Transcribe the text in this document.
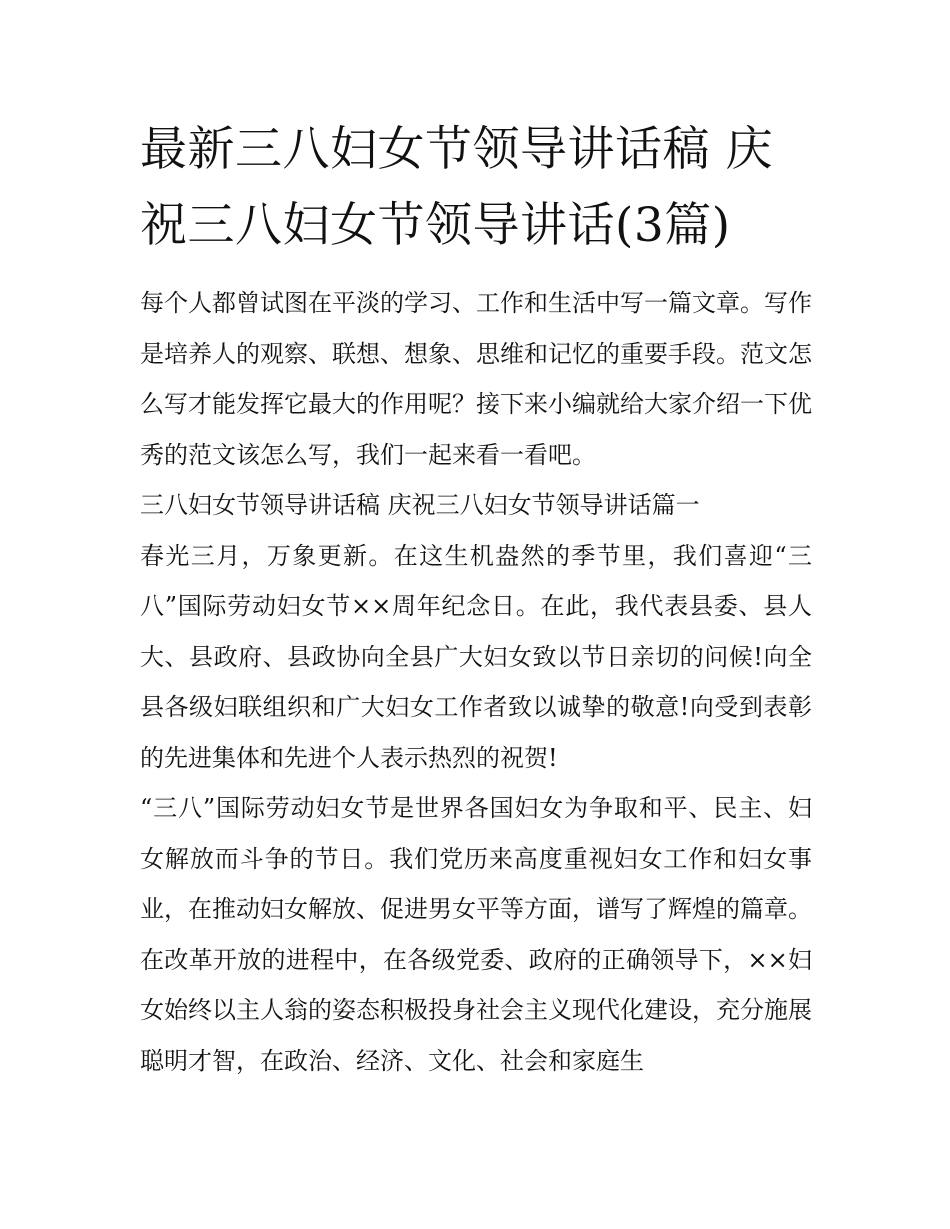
最新三八妇女节领导讲话稿 庆祝三八妇女节领导讲话(3篇)

每个人都曾试图在平淡的学习、工作和生活中写一篇文章。写作是培养人的观察、联想、想象、思维和记忆的重要手段。范文怎么写才能发挥它最大的作用呢？接下来小编就给大家介绍一下优秀的范文该怎么写，我们一起来看一看吧。

三八妇女节领导讲话稿 庆祝三八妇女节领导讲话篇一

春光三月，万象更新。在这生机盎然的季节里，我们喜迎“三八”国际劳动妇女节××周年纪念日。在此，我代表县委、县人大、县政府、县政协向全县广大妇女致以节日亲切的问候!向全县各级妇联组织和广大妇女工作者致以诚挚的敬意!向受到表彰的先进集体和先进个人表示热烈的祝贺!

“三八”国际劳动妇女节是世界各国妇女为争取和平、民主、妇女解放而斗争的节日。我们党历来高度重视妇女工作和妇女事业，在推动妇女解放、促进男女平等方面，谱写了辉煌的篇章。在改革开放的进程中，在各级党委、政府的正确领导下，××妇女始终以主人翁的姿态积极投身社会主义现代化建设，充分施展聪明才智，在政治、经济、文化、社会和家庭生
